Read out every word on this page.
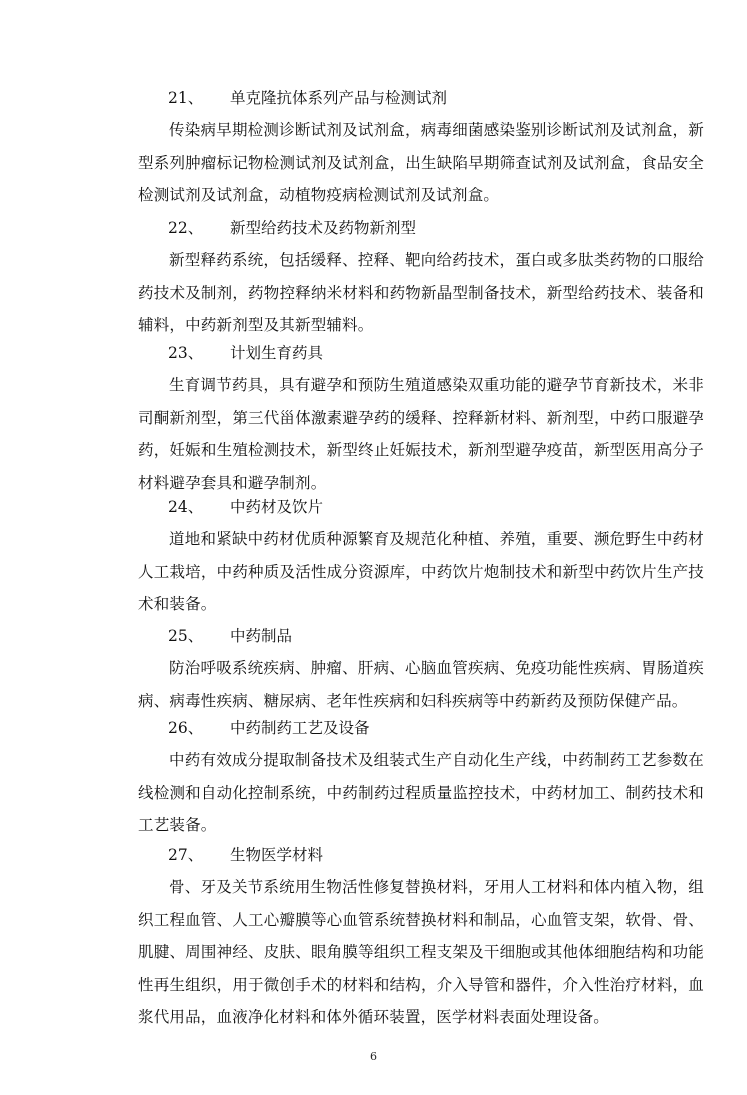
21、 单克隆抗体系列产品与检测试剂
传染病早期检测诊断试剂及试剂盒，病毒细菌感染鉴别诊断试剂及试剂盒，新型系列肿瘤标记物检测试剂及试剂盒，出生缺陷早期筛查试剂及试剂盒，食品安全检测试剂及试剂盒，动植物疫病检测试剂及试剂盒。
22、 新型给药技术及药物新剂型
新型释药系统，包括缓释、控释、靶向给药技术，蛋白或多肽类药物的口服给药技术及制剂，药物控释纳米材料和药物新晶型制备技术，新型给药技术、装备和辅料，中药新剂型及其新型辅料。
23、 计划生育药具
生育调节药具，具有避孕和预防生殖道感染双重功能的避孕节育新技术，米非司酮新剂型，第三代甾体激素避孕药的缓释、控释新材料、新剂型，中药口服避孕药，妊娠和生殖检测技术，新型终止妊娠技术，新剂型避孕疫苗，新型医用高分子材料避孕套具和避孕制剂。
24、 中药材及饮片
道地和紧缺中药材优质种源繁育及规范化种植、养殖，重要、濒危野生中药材人工栽培，中药种质及活性成分资源库，中药饮片炮制技术和新型中药饮片生产技术和装备。
25、 中药制品
防治呼吸系统疾病、肿瘤、肝病、心脑血管疾病、免疫功能性疾病、胃肠道疾病、病毒性疾病、糖尿病、老年性疾病和妇科疾病等中药新药及预防保健产品。
26、 中药制药工艺及设备
中药有效成分提取制备技术及组装式生产自动化生产线，中药制药工艺参数在线检测和自动化控制系统，中药制药过程质量监控技术，中药材加工、制药技术和工艺装备。
27、 生物医学材料
骨、牙及关节系统用生物活性修复替换材料，牙用人工材料和体内植入物，组织工程血管、人工心瓣膜等心血管系统替换材料和制品，心血管支架，软骨、骨、肌腱、周围神经、皮肤、眼角膜等组织工程支架及干细胞或其他体细胞结构和功能性再生组织，用于微创手术的材料和结构，介入导管和器件，介入性治疗材料，血浆代用品，血液净化材料和体外循环装置，医学材料表面处理设备。
6
